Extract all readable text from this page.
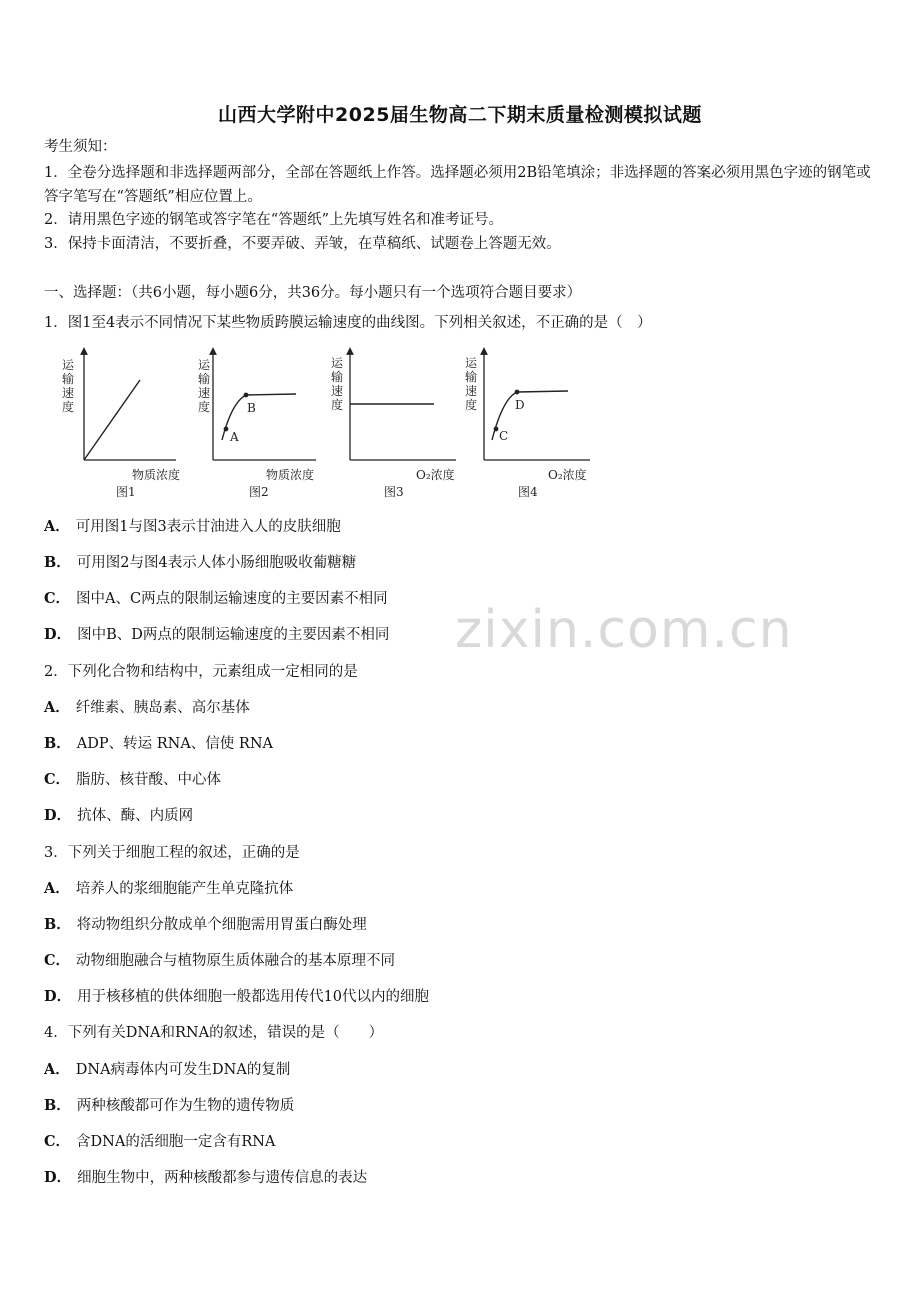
山西大学附中2025届生物高二下期末质量检测模拟试题
考生须知：
1．全卷分选择题和非选择题两部分，全部在答题纸上作答。选择题必须用2B铅笔填涂；非选择题的答案必须用黑色字迹的钢笔或答字笔写在“答题纸”相应位置上。
2．请用黑色字迹的钢笔或答字笔在“答题纸”上先填写姓名和准考证号。
3．保持卡面清洁，不要折叠，不要弄破、弄皱，在草稿纸、试题卷上答题无效。
一、选择题：（共6小题，每小题6分，共36分。每小题只有一个选项符合题目要求）
1．图1至4表示不同情况下某些物质跨膜运输速度的曲线图。下列相关叙述，不正确的是（　）
运
输
速
度
物质浓度
图1
A
B
运
输
速
度
物质浓度
图2
运
输
速
度
O₂浓度
图3
C
D
运
输
速
度
O₂浓度
图4
A． 可用图1与图3表示甘油进入人的皮肤细胞
B． 可用图2与图4表示人体小肠细胞吸收葡糖糖
C． 图中A、C两点的限制运输速度的主要因素不相同
D． 图中B、D两点的限制运输速度的主要因素不相同
2．下列化合物和结构中，元素组成一定相同的是
A． 纤维素、胰岛素、高尔基体
B． ADP、转运 RNA、信使 RNA
C． 脂肪、核苷酸、中心体
D． 抗体、酶、内质网
3．下列关于细胞工程的叙述，正确的是
A． 培养人的浆细胞能产生单克隆抗体
B． 将动物组织分散成单个细胞需用胃蛋白酶处理
C． 动物细胞融合与植物原生质体融合的基本原理不同
D． 用于核移植的供体细胞一般都选用传代10代以内的细胞
4．下列有关DNA和RNA的叙述，错误的是（　　）
A． DNA病毒体内可发生DNA的复制
B． 两种核酸都可作为生物的遗传物质
C． 含DNA的活细胞一定含有RNA
D． 细胞生物中，两种核酸都参与遗传信息的表达
zixin.com.cn
